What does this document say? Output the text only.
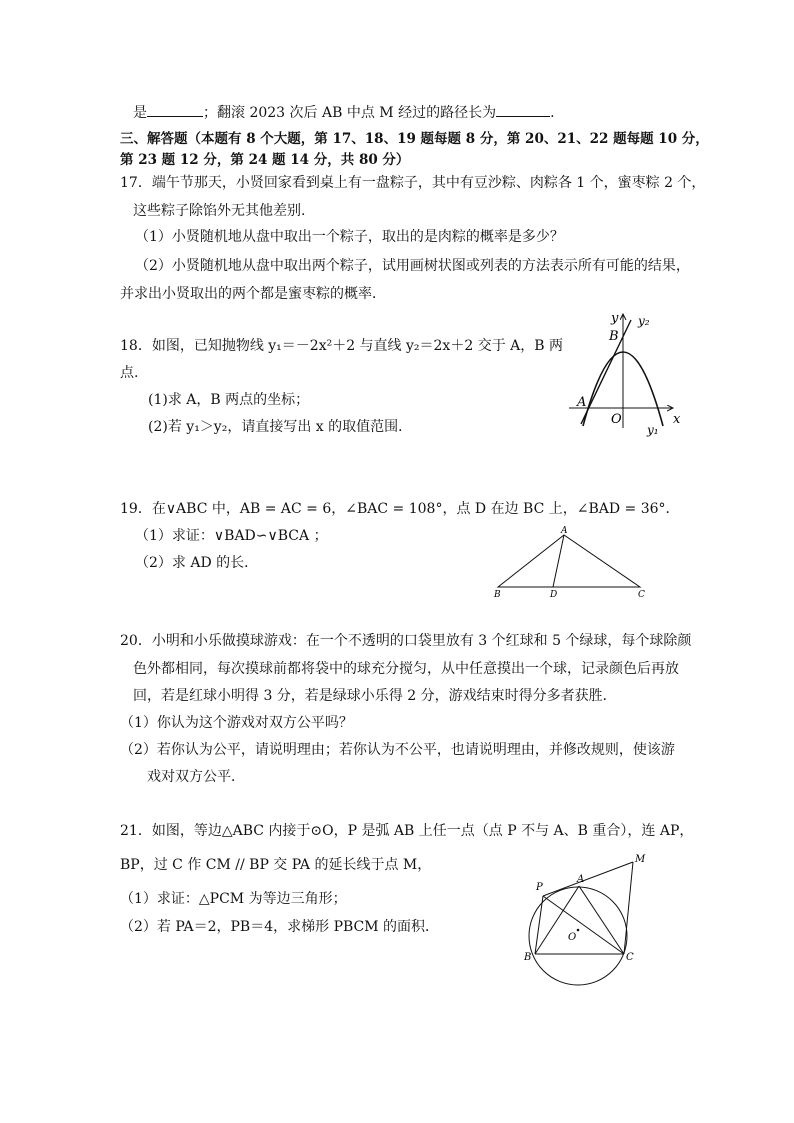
是	；翻滚 2023 次后 AB 中点 M 经过的路径长为	.
三、解答题（本题有 8 个大题，第 17、18、19 题每题 8 分，第 20、21、22 题每题 10 分，
第 23 题 12 分，第 24 题 14 分，共 80 分）
17．端午节那天，小贤回家看到桌上有一盘粽子，其中有豆沙粽、肉粽各 1 个，蜜枣粽 2 个，
这些粽子除馅外无其他差别.
（1）小贤随机地从盘中取出一个粽子，取出的是肉粽的概率是多少？
（2）小贤随机地从盘中取出两个粽子，试用画树状图或列表的方法表示所有可能的结果，
并求出小贤取出的两个都是蜜枣粽的概率．
18．如图，已知抛物线 y₁＝－2x²＋2 与直线 y₂＝2x＋2 交于 A，B 两
点.
(1)求 A，B 两点的坐标；
(2)若 y₁＞y₂，请直接写出 x 的取值范围．
y y₂
B
A
O	x
y₁
19．在∨ABC 中，AB = AC = 6，∠BAC = 108°，点 D 在边 BC 上，∠BAD = 36°．
（1）求证：∨BAD∽∨BCA ；
（2）求 AD 的长．
A
B	D	C
20．小明和小乐做摸球游戏：在一个不透明的口袋里放有 3 个红球和 5 个绿球，每个球除颜
色外都相同，每次摸球前都将袋中的球充分搅匀，从中任意摸出一个球，记录颜色后再放
回，若是红球小明得 3 分，若是绿球小乐得 2 分，游戏结束时得分多者获胜．
（1）你认为这个游戏对双方公平吗？
（2）若你认为公平，请说明理由；若你认为不公平，也请说明理由，并修改规则，使该游
戏对双方公平．
21．如图，等边△ABC 内接于⊙O，P 是弧 AB 上任一点（点 P 不与 A、B 重合），连 AP，
BP，过 C 作 CM // BP 交 PA 的延长线于点 M，
（1）求证：△PCM 为等边三角形；
（2）若 PA＝2，PB＝4，求梯形 PBCM 的面积．
P
A
M
O
B	C
